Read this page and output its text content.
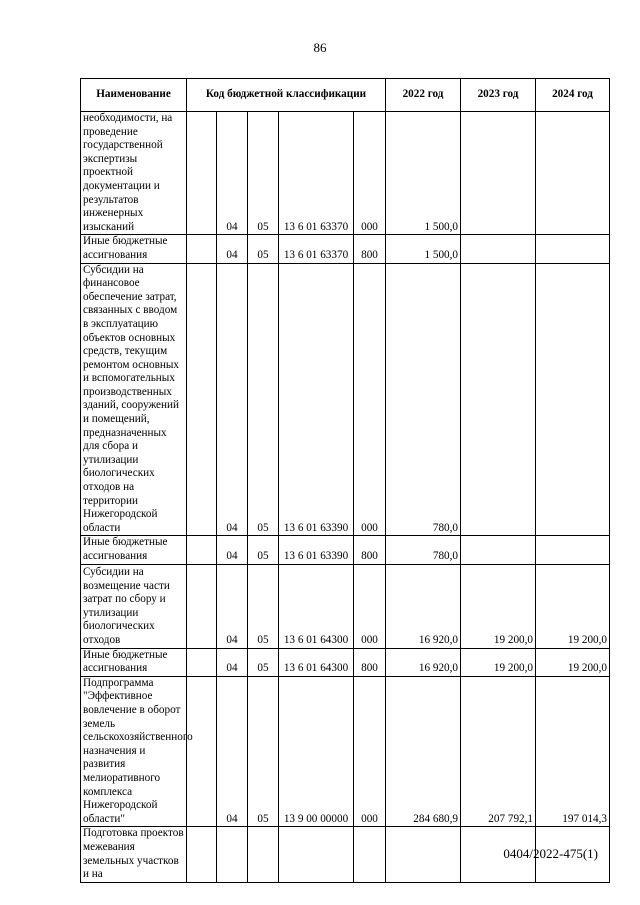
86
Наименование	Код бюджетной классификации					2022 год	2023 год	2024 год
необходимости, на проведение государственной экспертизы проектной документации и результатов инженерных изысканий		04	05	13 6 01 63370	000	1 500,0		
Иные бюджетные ассигнования		04	05	13 6 01 63370	800	1 500,0		
Субсидии на финансовое обеспечение затрат, связанных с вводом в эксплуатацию объектов основных средств, текущим ремонтом основных и вспомогательных производственных зданий, сооружений и помещений, предназначенных для сбора и утилизации биологических отходов на территории Нижегородской области		04	05	13 6 01 63390	000	780,0		
Иные бюджетные ассигнования		04	05	13 6 01 63390	800	780,0		
Субсидии на возмещение части затрат по сбору и утилизации биологических отходов		04	05	13 6 01 64300	000	16 920,0	19 200,0	19 200,0
Иные бюджетные ассигнования		04	05	13 6 01 64300	800	16 920,0	19 200,0	19 200,0
Подпрограмма "Эффективное вовлечение в оборот земель сельскохозяйственного назначения и развития мелиоративного комплекса Нижегородской области"		04	05	13 9 00 00000	000	284 680,9	207 792,1	197 014,3
Подготовка проектов межевания земельных участков и на								
0404/2022-475(1)
